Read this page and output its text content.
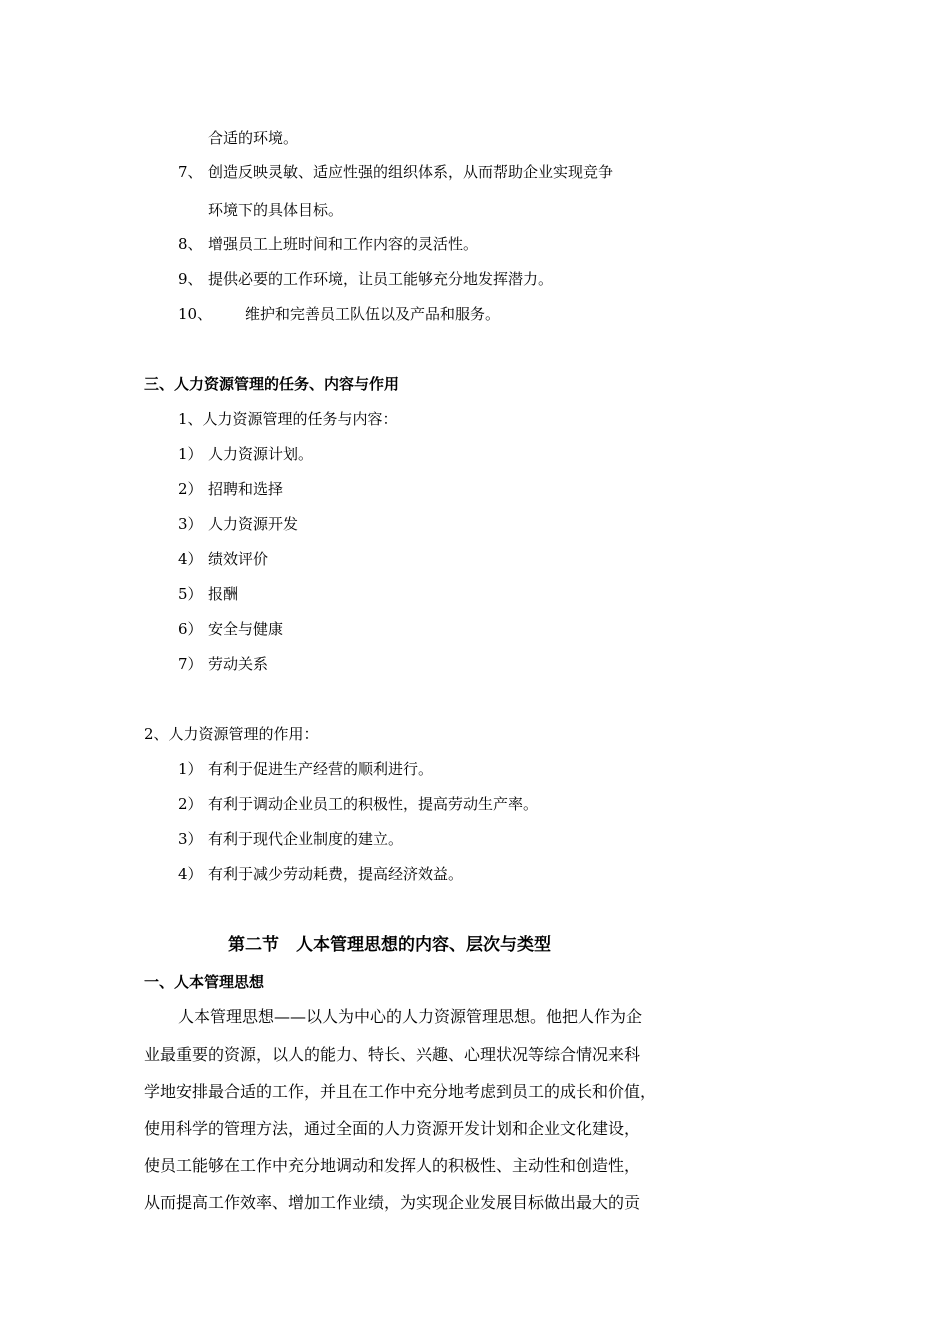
合适的环境。
7、 创造反映灵敏、适应性强的组织体系，从而帮助企业实现竞争
环境下的具体目标。
8、 增强员工上班时间和工作内容的灵活性。
9、 提供必要的工作环境，让员工能够充分地发挥潜力。
10、 维护和完善员工队伍以及产品和服务。
三、人力资源管理的任务、内容与作用
1、人力资源管理的任务与内容：
1） 人力资源计划。
2） 招聘和选择
3） 人力资源开发
4） 绩效评价
5） 报酬
6） 安全与健康
7） 劳动关系
2、人力资源管理的作用：
1） 有利于促进生产经营的顺利进行。
2） 有利于调动企业员工的积极性，提高劳动生产率。
3） 有利于现代企业制度的建立。
4） 有利于减少劳动耗费，提高经济效益。
第二节　人本管理思想的内容、层次与类型
一、人本管理思想
人本管理思想——以人为中心的人力资源管理思想。他把人作为企
业最重要的资源，以人的能力、特长、兴趣、心理状况等综合情况来科
学地安排最合适的工作，并且在工作中充分地考虑到员工的成长和价值，
使用科学的管理方法，通过全面的人力资源开发计划和企业文化建设，
使员工能够在工作中充分地调动和发挥人的积极性、主动性和创造性，
从而提高工作效率、增加工作业绩，为实现企业发展目标做出最大的贡
